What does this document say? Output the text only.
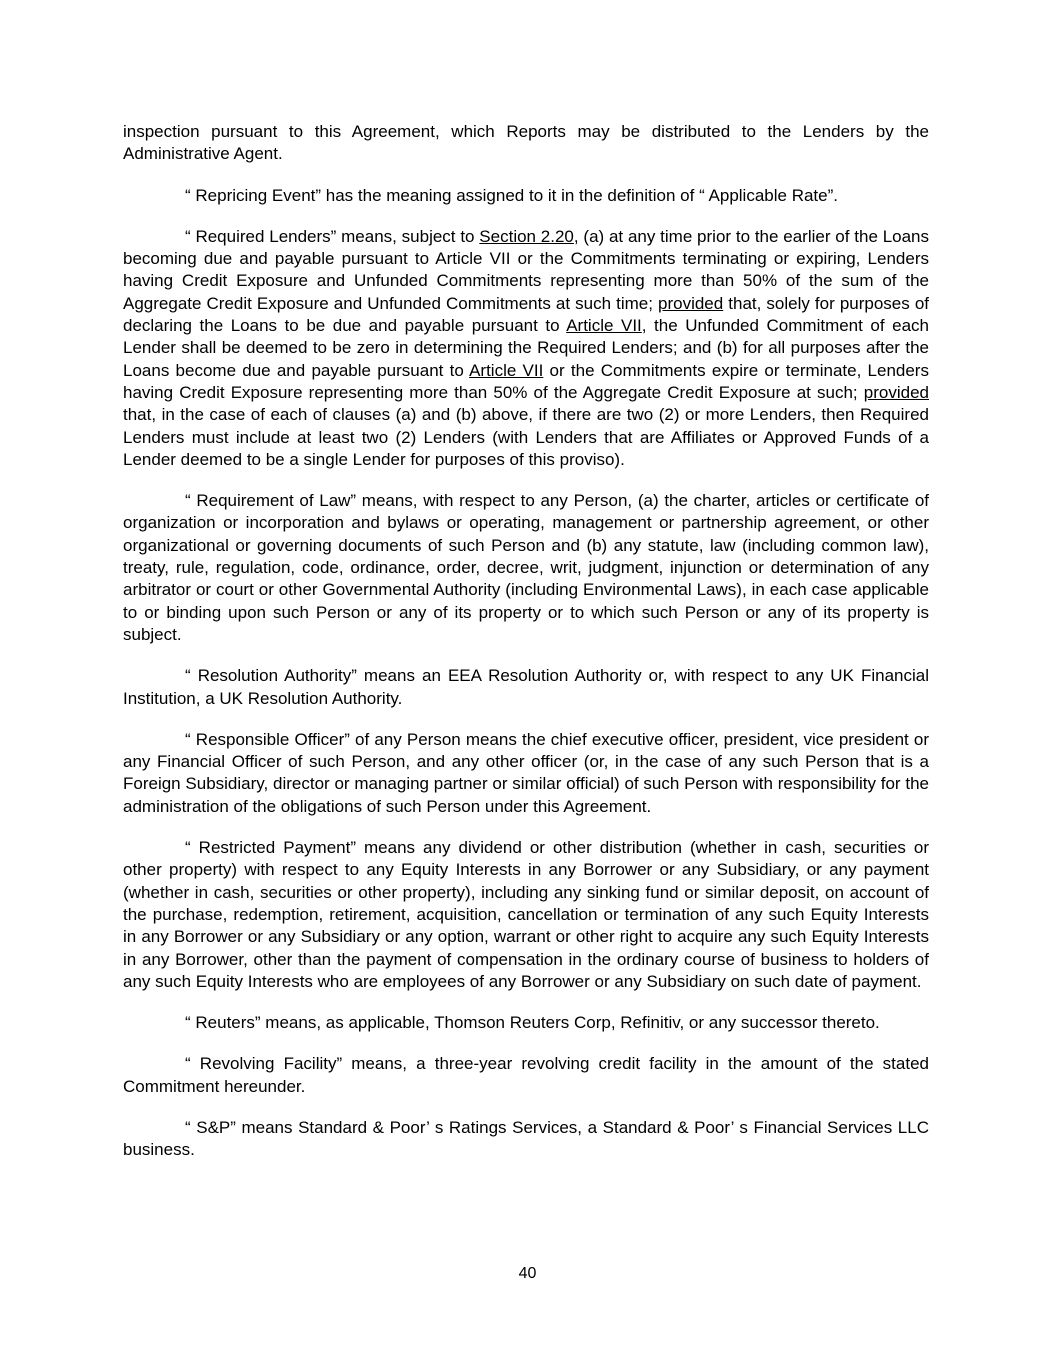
inspection pursuant to this Agreement, which Reports may be distributed to the Lenders by the Administrative Agent.

“ Repricing Event” has the meaning assigned to it in the definition of “ Applicable Rate”.

“ Required Lenders” means, subject to Section 2.20, (a) at any time prior to the earlier of the Loans becoming due and payable pursuant to Article VII or the Commitments terminating or expiring, Lenders having Credit Exposure and Unfunded Commitments representing more than 50% of the sum of the Aggregate Credit Exposure and Unfunded Commitments at such time; provided that, solely for purposes of declaring the Loans to be due and payable pursuant to Article VII, the Unfunded Commitment of each Lender shall be deemed to be zero in determining the Required Lenders; and (b) for all purposes after the Loans become due and payable pursuant to Article VII or the Commitments expire or terminate, Lenders having Credit Exposure representing more than 50% of the Aggregate Credit Exposure at such; provided that, in the case of each of clauses (a) and (b) above, if there are two (2) or more Lenders, then Required Lenders must include at least two (2) Lenders (with Lenders that are Affiliates or Approved Funds of a Lender deemed to be a single Lender for purposes of this proviso).

“ Requirement of Law” means, with respect to any Person, (a) the charter, articles or certificate of organization or incorporation and bylaws or operating, management or partnership agreement, or other organizational or governing documents of such Person and (b) any statute, law (including common law), treaty, rule, regulation, code, ordinance, order, decree, writ, judgment, injunction or determination of any arbitrator or court or other Governmental Authority (including Environmental Laws), in each case applicable to or binding upon such Person or any of its property or to which such Person or any of its property is subject.

“ Resolution Authority” means an EEA Resolution Authority or, with respect to any UK Financial Institution, a UK Resolution Authority.

“ Responsible Officer” of any Person means the chief executive officer, president, vice president or any Financial Officer of such Person, and any other officer (or, in the case of any such Person that is a Foreign Subsidiary, director or managing partner or similar official) of such Person with responsibility for the administration of the obligations of such Person under this Agreement.

“ Restricted Payment” means any dividend or other distribution (whether in cash, securities or other property) with respect to any Equity Interests in any Borrower or any Subsidiary, or any payment (whether in cash, securities or other property), including any sinking fund or similar deposit, on account of the purchase, redemption, retirement, acquisition, cancellation or termination of any such Equity Interests in any Borrower or any Subsidiary or any option, warrant or other right to acquire any such Equity Interests in any Borrower, other than the payment of compensation in the ordinary course of business to holders of any such Equity Interests who are employees of any Borrower or any Subsidiary on such date of payment.

“ Reuters” means, as applicable, Thomson Reuters Corp, Refinitiv, or any successor thereto.

“ Revolving Facility” means, a three-year revolving credit facility in the amount of the stated Commitment hereunder.

“ S&P” means Standard & Poor’ s Ratings Services, a Standard & Poor’ s Financial Services LLC business.

40
